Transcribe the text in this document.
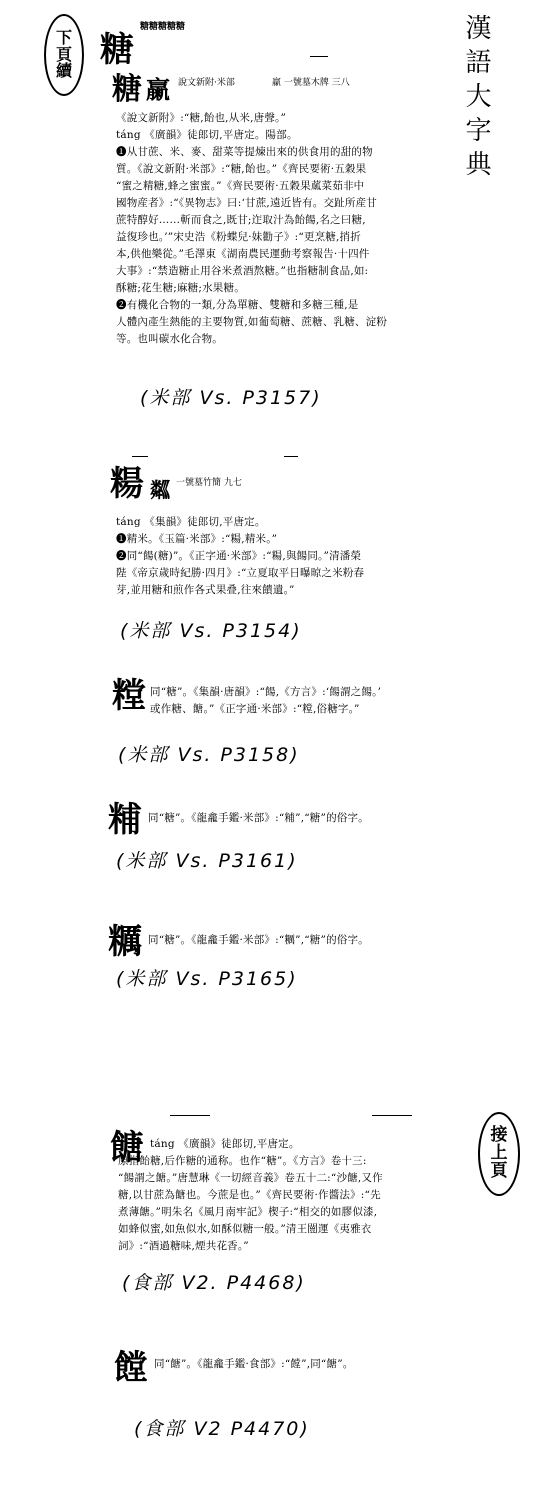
下
頁
續	漢語大字典
糖糖糖糖糖
糖
糖 䊨 說文新附·米部	䊨 一號墓木牌 三八
《說文新附》:“糖,飴也,从米,唐聲。”
táng 《廣韻》徒郎切,平唐定。陽部。
❶从甘蔗、米、麥、甜菜等提煉出來的供食用的甜的物
質。《說文新附·米部》:“糖,飴也。”《齊民要術·五穀果
“蜜之精糖,蜂之蜜蜜。”《齊民要術·五穀果蓏菜茹非中
國物産者》:“《異物志》曰:‘甘蔗,遠近皆有。交趾所産甘
蔗特醇好……斬而食之,既甘;迮取汁為飴餳,名之曰糖,
益復珍也。’”宋史浩《粉蝶兒·妹勸子》:“更烹糖,捎折
本,供他樂從。”毛澤東《湖南農民運動考察報告·十四件
大事》:“禁造糖止用谷米煮酒熬糖。”也指糖制食品,如:
酥糖;花生糖;麻糖;水果糖。
❷有機化合物的一類,分為單糖、雙糖和多糖三種,是
人體內產生熱能的主要物質,如葡萄糖、蔗糖、乳糖、淀粉
等。也叫碳水化合物。
(米部 Vs. P3157)
糃 𥻘 一號墓竹簡 九七
táng 《集韻》徒郎切,平唐定。
❶精米。《玉篇·米部》:“糃,精米。”
❷同“餳(糖)”。《正字通·米部》:“糃,與餳同。”清潘榮
陛《帝京歲時紀勝·四月》:“立夏取平日曝晾之米粉春
芽,並用糖和煎作各式果叠,往來饋遺。”
(米部 Vs. P3154)
糛 同“糖”。《集韻·唐韻》:“餳,《方言》:‘餳謂之餳。’
或作糖、餹。”《正字通·米部》:“糛,俗糖字。”
(米部 Vs. P3158)
䊇 同“糖”。《龍龕手鑑·米部》:“䊇”,“糖”的俗字。
(米部 Vs. P3161)
糲 同“糖”。《龍龕手鑑·米部》:“糲”,“糖”的俗字。
(米部 Vs. P3165)
接
上
頁
餹 táng 《廣韻》徒郎切,平唐定。
原指飴糖,后作糖的通称。也作“糖”。《方言》卷十三:
“餳謂之餹。”唐慧琳《一切經音義》卷五十二:“沙餹,又作
糖,以甘蔗為餹也。今蔗是也。”《齊民要術·作醬法》:“先
煮薄餹。”明朱名《風月南牢記》楔子:“相交的如膠似漆,
如蜂似蜜,如魚似水,如酥似糖一般。”清王闓運《夷雅衣
詞》:“酒過糖味,煙共花香。”
(食部 V2. P4468)
饄 同“餹”。《龍龕手鑑·食部》:“饄”,同“餹”。
(食部 V2 P4470)
